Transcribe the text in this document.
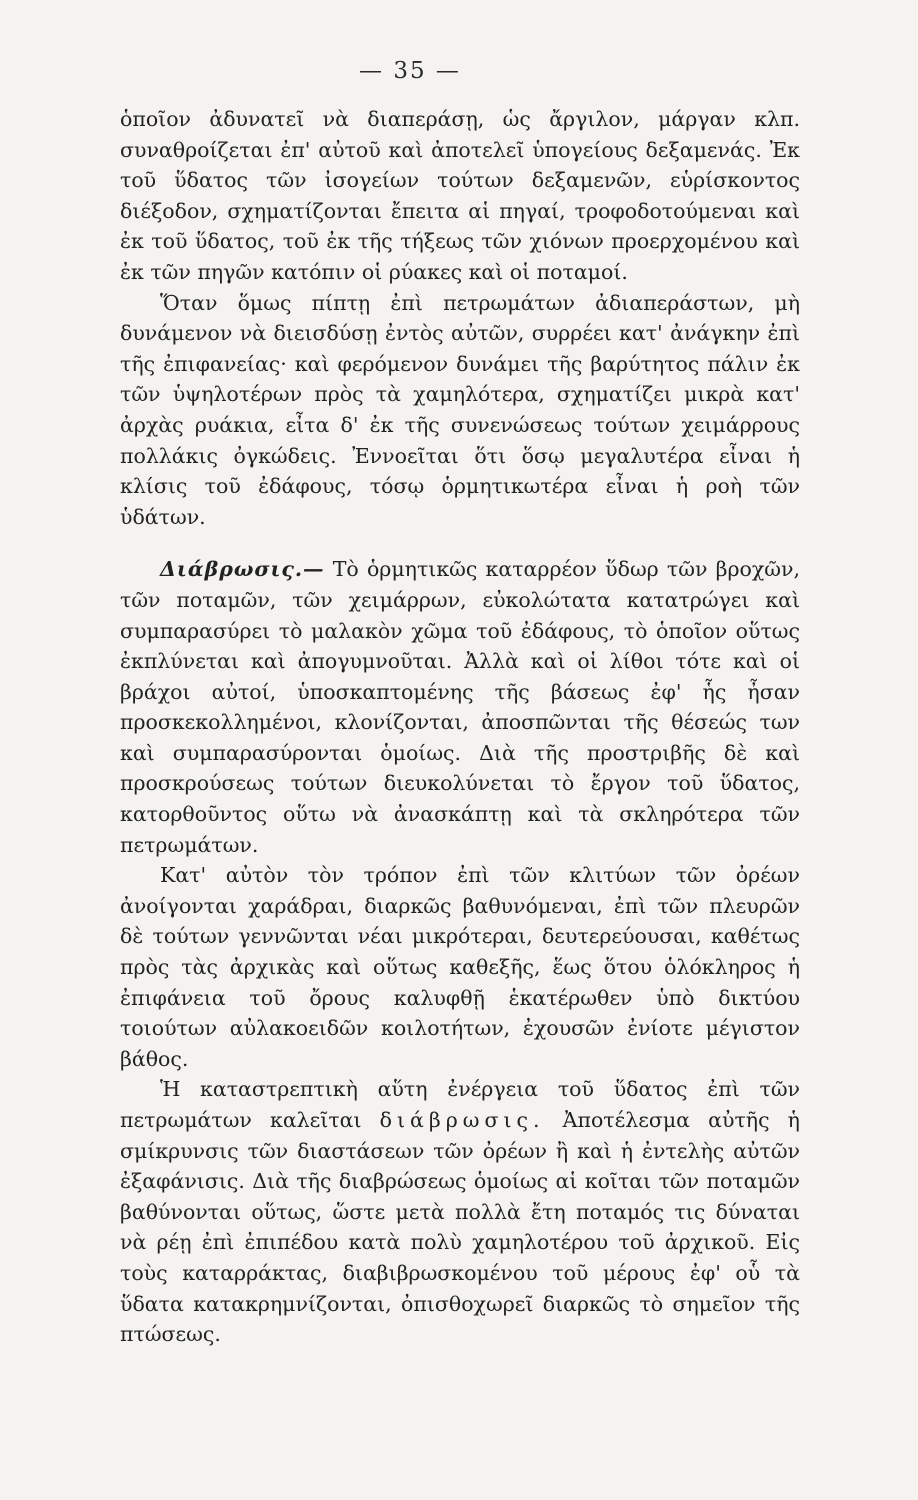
— 35 —

ὁποῖον ἀδυνατεῖ νὰ διαπεράσῃ, ὡς ἄργιλον, μάργαν κλπ. συναθροίζεται ἐπ' αὐτοῦ καὶ ἀποτελεῖ ὑπογείους δεξαμενάς. Ἐκ τοῦ ὕδατος τῶν ἰσογείων τούτων δεξαμενῶν, εὑρίσκοντος διέξοδον, σχηματίζονται ἔπειτα αἱ πηγαί, τροφοδοτούμεναι καὶ ἐκ τοῦ ὕδατος, τοῦ ἐκ τῆς τήξεως τῶν χιόνων προερχομένου καὶ ἐκ τῶν πηγῶν κατόπιν οἱ ρύακες καὶ οἱ ποταμοί.

Ὅταν ὅμως πίπτῃ ἐπὶ πετρωμάτων ἀδιαπεράστων, μὴ δυνάμενον νὰ διεισδύσῃ ἐντὸς αὐτῶν, συρρέει κατ' ἀνάγκην ἐπὶ τῆς ἐπιφανείας· καὶ φερόμενον δυνάμει τῆς βαρύτητος πάλιν ἐκ τῶν ὑψηλοτέρων πρὸς τὰ χαμηλότερα, σχηματίζει μικρὰ κατ' ἀρχὰς ρυάκια, εἶτα δ' ἐκ τῆς συνενώσεως τούτων χειμάρρους πολλάκις ὀγκώδεις. Ἐννοεῖται ὅτι ὅσῳ μεγαλυτέρα εἶναι ἡ κλίσις τοῦ ἐδάφους, τόσῳ ὁρμητικωτέρα εἶναι ἡ ροὴ τῶν ὑδάτων.

Διάβρωσις.— Τὸ ὁρμητικῶς καταρρέον ὕδωρ τῶν βροχῶν, τῶν ποταμῶν, τῶν χειμάρρων, εὐκολώτατα κατατρώγει καὶ συμπαρασύρει τὸ μαλακὸν χῶμα τοῦ ἐδάφους, τὸ ὁποῖον οὕτως ἐκπλύνεται καὶ ἀπογυμνοῦται. Ἀλλὰ καὶ οἱ λίθοι τότε καὶ οἱ βράχοι αὐτοί, ὑποσκαπτομένης τῆς βάσεως ἐφ' ἧς ἦσαν προσκεκολλημένοι, κλονίζονται, ἀποσπῶνται τῆς θέσεώς των καὶ συμπαρασύρονται ὁμοίως. Διὰ τῆς προστριβῆς δὲ καὶ προσκρούσεως τούτων διευκολύνεται τὸ ἔργον τοῦ ὕδατος, κατορθοῦντος οὕτω νὰ ἀνασκάπτῃ καὶ τὰ σκληρότερα τῶν πετρωμάτων.

Κατ' αὐτὸν τὸν τρόπον ἐπὶ τῶν κλιτύων τῶν ὀρέων ἀνοίγονται χαράδραι, διαρκῶς βαθυνόμεναι, ἐπὶ τῶν πλευρῶν δὲ τούτων γεννῶνται νέαι μικρότεραι, δευτερεύουσαι, καθέτως πρὸς τὰς ἀρχικὰς καὶ οὕτως καθεξῆς, ἕως ὅτου ὁλόκληρος ἡ ἐπιφάνεια τοῦ ὄρους καλυφθῇ ἑκατέρωθεν ὑπὸ δικτύου τοιούτων αὐλακοειδῶν κοιλοτήτων, ἐχουσῶν ἐνίοτε μέγιστον βάθος.

Ἡ καταστρεπτικὴ αὕτη ἐνέργεια τοῦ ὕδατος ἐπὶ τῶν πετρωμάτων καλεῖται διάβρωσις. Ἀποτέλεσμα αὐτῆς ἡ σμίκρυνσις τῶν διαστάσεων τῶν ὀρέων ἢ καὶ ἡ ἐντελὴς αὐτῶν ἐξαφάνισις. Διὰ τῆς διαβρώσεως ὁμοίως αἱ κοῖται τῶν ποταμῶν βαθύνονται οὕτως, ὥστε μετὰ πολλὰ ἔτη ποταμός τις δύναται νὰ ρέῃ ἐπὶ ἐπιπέδου κατὰ πολὺ χαμηλοτέρου τοῦ ἀρχικοῦ. Εἰς τοὺς καταρράκτας, διαβιβρωσκομένου τοῦ μέρους ἐφ' οὗ τὰ ὕδατα κατακρημνίζονται, ὀπισθοχωρεῖ διαρκῶς τὸ σημεῖον τῆς πτώσεως.
